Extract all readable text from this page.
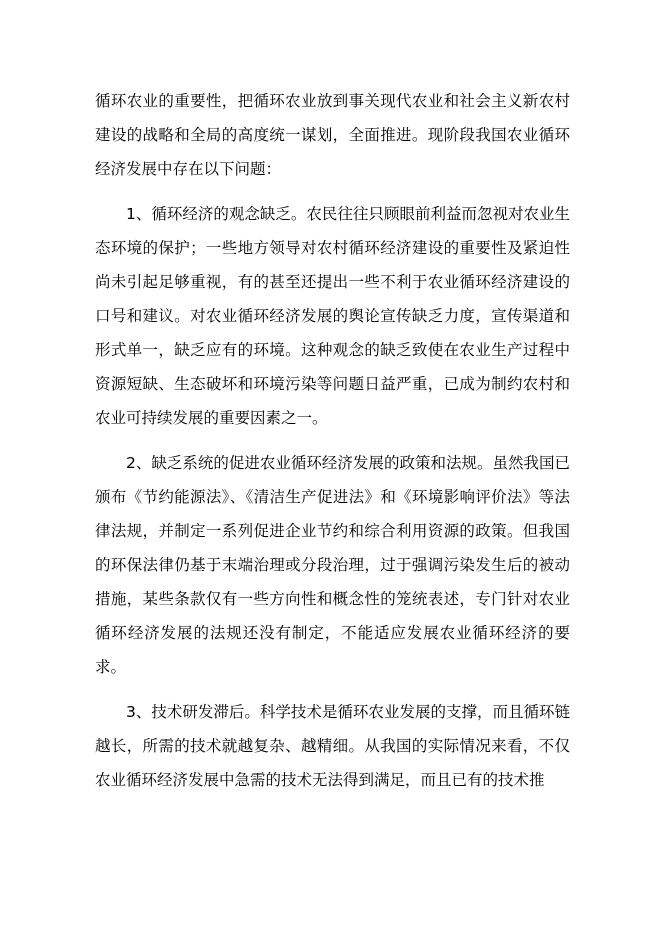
循环农业的重要性，把循环农业放到事关现代农业和社会主义新农村建设的战略和全局的高度统一谋划，全面推进。现阶段我国农业循环经济发展中存在以下问题：

1、循环经济的观念缺乏。农民往往只顾眼前利益而忽视对农业生态环境的保护；一些地方领导对农村循环经济建设的重要性及紧迫性尚未引起足够重视，有的甚至还提出一些不利于农业循环经济建设的口号和建议。对农业循环经济发展的舆论宣传缺乏力度，宣传渠道和形式单一，缺乏应有的环境。这种观念的缺乏致使在农业生产过程中资源短缺、生态破坏和环境污染等问题日益严重，已成为制约农村和农业可持续发展的重要因素之一。

2、缺乏系统的促进农业循环经济发展的政策和法规。虽然我国已颁布《节约能源法》、《清洁生产促进法》和《环境影响评价法》等法律法规，并制定一系列促进企业节约和综合利用资源的政策。但我国的环保法律仍基于末端治理或分段治理，过于强调污染发生后的被动措施，某些条款仅有一些方向性和概念性的笼统表述，专门针对农业循环经济发展的法规还没有制定，不能适应发展农业循环经济的要求。

3、技术研发滞后。科学技术是循环农业发展的支撑，而且循环链越长，所需的技术就越复杂、越精细。从我国的实际情况来看，不仅农业循环经济发展中急需的技术无法得到满足，而且已有的技术推
